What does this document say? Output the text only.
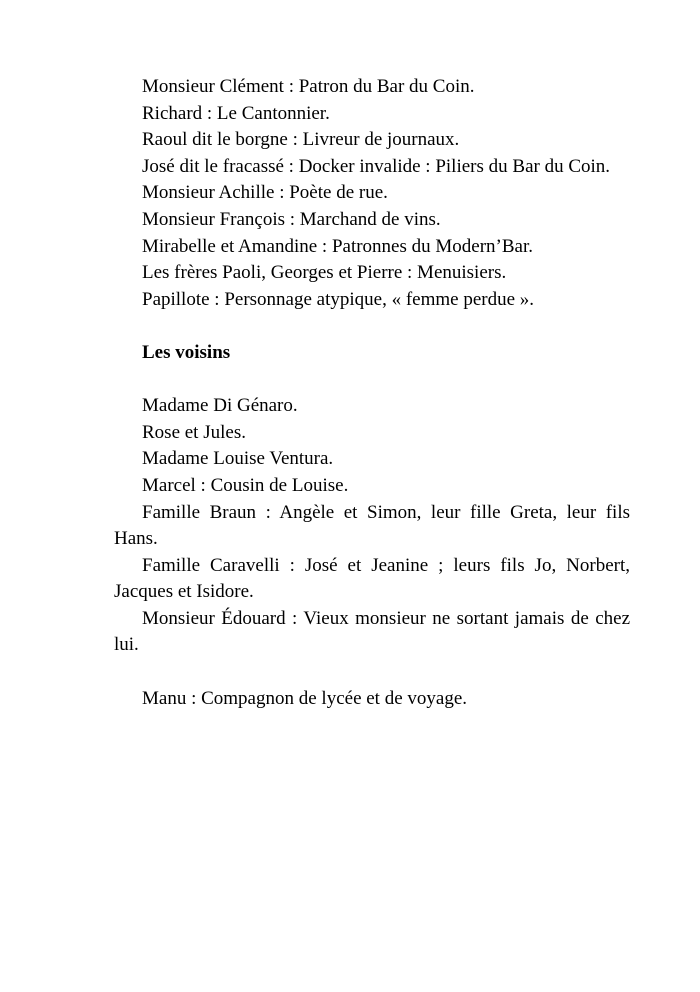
Monsieur Clément : Patron du Bar du Coin.

Richard : Le Cantonnier.

Raoul dit le borgne : Livreur de journaux.

José dit le fracassé : Docker invalide : Piliers du Bar du Coin.

Monsieur Achille : Poète de rue.

Monsieur François : Marchand de vins.

Mirabelle et Amandine : Patronnes du Modern’Bar.

Les frères Paoli, Georges et Pierre : Menuisiers.

Papillote : Personnage atypique, « femme perdue ».

Les voisins

Madame Di Génaro.

Rose et Jules.

Madame Louise Ventura.

Marcel : Cousin de Louise.

Famille Braun : Angèle et Simon, leur fille Greta, leur fils Hans.

Famille Caravelli : José et Jeanine ; leurs fils Jo, Norbert, Jacques et Isidore.

Monsieur Édouard : Vieux monsieur ne sortant jamais de chez lui.

Manu : Compagnon de lycée et de voyage.
